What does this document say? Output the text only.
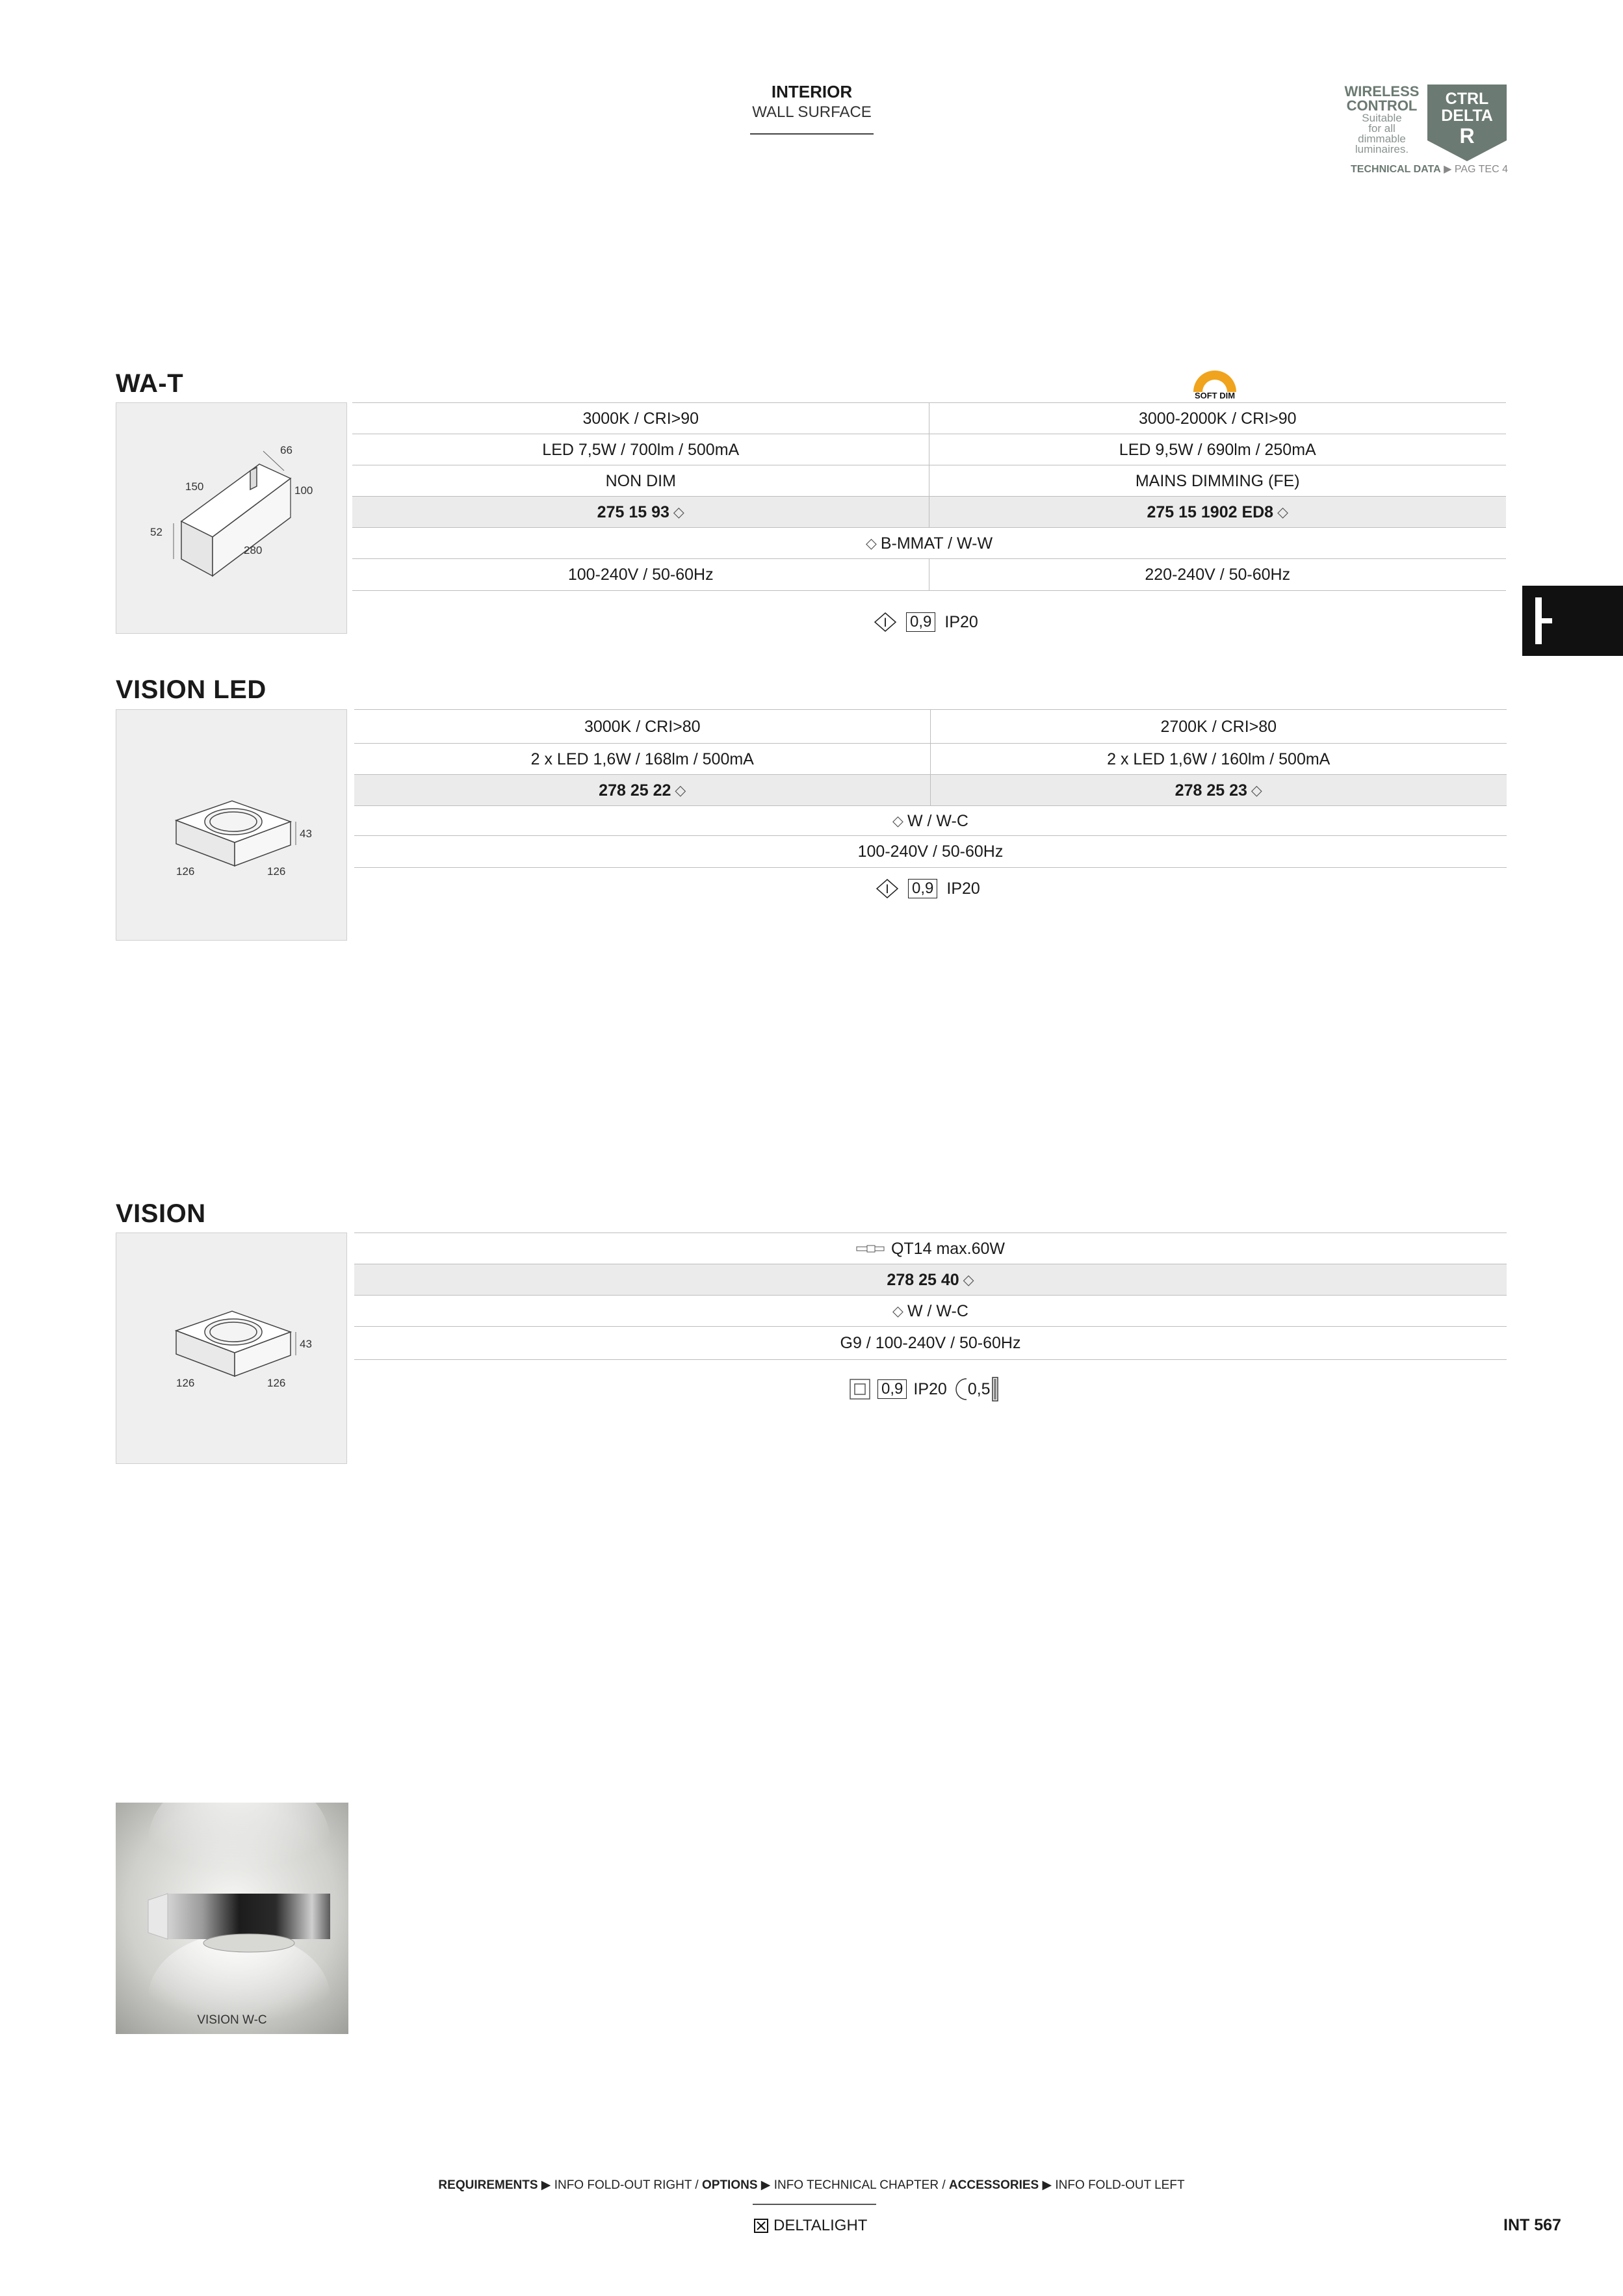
INTERIOR
WALL SURFACE
WIRELESS
CONTROL
Suitable
for all
dimmable
luminaires.
CTRL
DELTA
R
TECHNICAL DATA ▶ PAG TEC 4
WA-T	SOFT DIM
66
150	100
52
280
3000K / CRI>90	3000-2000K / CRI>90
LED 7,5W / 700lm / 500mA	LED 9,5W / 690lm / 250mA
NON DIM	MAINS DIMMING (FE)
275 15 93 ◇	275 15 1902 ED8 ◇
◇ B-MMAT / W-W
100-240V / 50-60Hz	220-240V / 50-60Hz
I 0,9 IP20
VISION LED
43
126	126
3000K / CRI>80	2700K / CRI>80
2 x LED 1,6W / 168lm / 500mA	2 x LED 1,6W / 160lm / 500mA
278 25 22 ◇	278 25 23 ◇
◇ W / W-C
100-240V / 50-60Hz
I 0,9 IP20
VISION
43
126	126
QT14 max.60W
278 25 40 ◇
◇ W / W-C
G9 / 100-240V / 50-60Hz
0,9 IP20 0,5
VISION W-C
REQUIREMENTS ▶ INFO FOLD-OUT RIGHT / OPTIONS ▶ INFO TECHNICAL CHAPTER / ACCESSORIES ▶ INFO FOLD-OUT LEFT
DELTALIGHT	INT 567
